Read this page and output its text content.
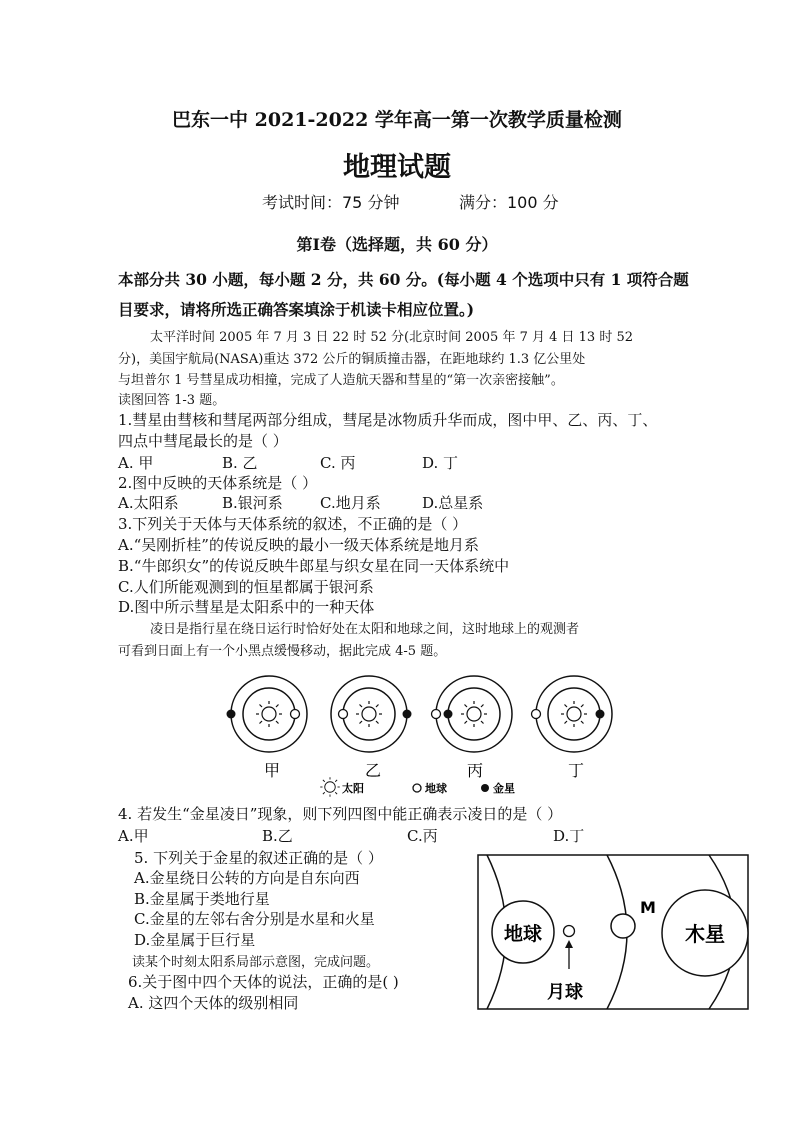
巴东一中 2021-2022 学年高一第一次教学质量检测
地理试题
考试时间：75 分钟	满分：100 分
第Ⅰ卷（选择题，共 60 分）
本部分共 30 小题，每小题 2 分，共 60 分。(每小题 4 个选项中只有 1 项符合题
目要求，请将所选正确答案填涂于机读卡相应位置。)
太平洋时间 2005 年 7 月 3 日 22 时 52 分(北京时间 2005 年 7 月 4 日 13 时 52
分)，美国宇航局(NASA)重达 372 公斤的铜质撞击器，在距地球约 1.3 亿公里处
与坦普尔 1 号彗星成功相撞，完成了人造航天器和彗星的“第一次亲密接触”。
读图回答 1-3 题。
1.彗星由彗核和彗尾两部分组成，彗尾是冰物质升华而成，图中甲、乙、丙、丁、
四点中彗尾最长的是（ ）
A. 甲	B. 乙	C. 丙	D. 丁
2.图中反映的天体系统是（ ）
A.太阳系	B.银河系 C.地月系	D.总星系
3.下列关于天体与天体系统的叙述，不正确的是（ ）
A.“吴刚折桂”的传说反映的最小一级天体系统是地月系
B.“牛郎织女”的传说反映牛郎星与织女星在同一天体系统中
C.人们所能观测到的恒星都属于银河系
D.图中所示彗星是太阳系中的一种天体
凌日是指行星在绕日运行时恰好处在太阳和地球之间，这时地球上的观测者
可看到日面上有一个小黑点缓慢移动，据此完成 4-5 题。
甲	乙	丙	丁
太阳	地球	金星
4. 若发生“金星凌日”现象，则下列四图中能正确表示凌日的是（ ）
A.甲	B.乙	C.丙	D.丁
5. 下列关于金星的叙述正确的是（ ）
A.金星绕日公转的方向是自东向西
B.金星属于类地行星
C.金星的左邻右舍分别是水星和火星
D.金星属于巨行星
读某个时刻太阳系局部示意图，完成问题。
6.关于图中四个天体的说法，正确的是( )
A. 这四个天体的级别相同
地球
月球
M
木星
